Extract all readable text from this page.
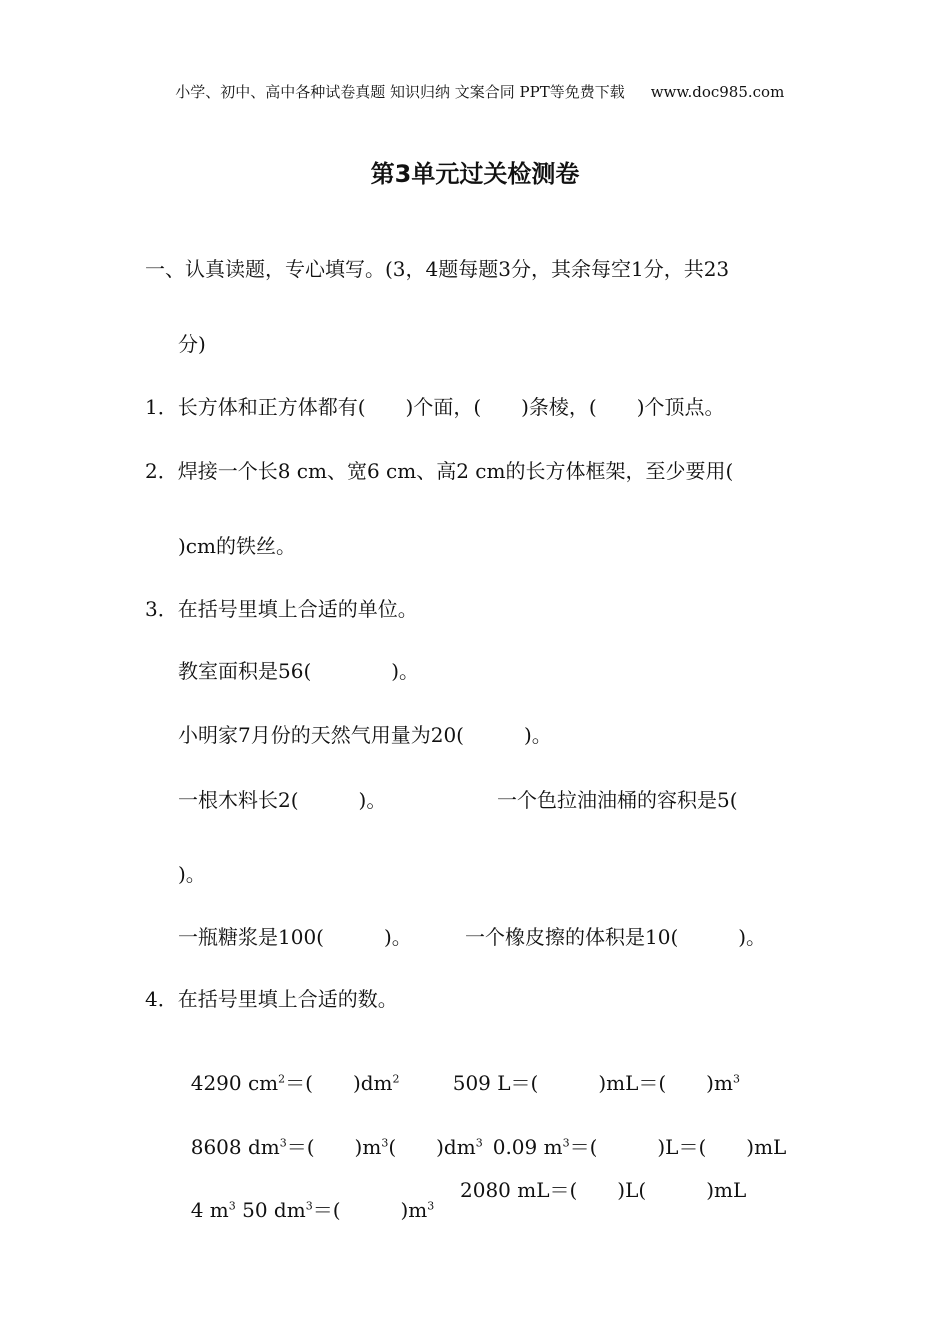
小学、初中、高中各种试卷真题 知识归纳 文案合同 PPT等免费下载 www.doc985.com

第3单元过关检测卷
一、认真读题，专心填写。(3，4题每题3分，其余每空1分，共23
分)
1．长方体和正方体都有(　　)个面，(　　)条棱，(　　)个顶点。
2．焊接一个长8 cm、宽6 cm、高2 cm的长方体框架，至少要用(
)cm的铁丝。
3．在括号里填上合适的单位。
教室面积是56(　　　　)。
小明家7月份的天然气用量为20(　　　)。
一根木料长2(　　　)。	一个色拉油油桶的容积是5(
)。
一瓶糖浆是100(　　　)。	一个橡皮擦的体积是10(　　　)。
4．在括号里填上合适的数。

4290 $cm^2=$(　　)$dm^2$	509 L＝(　　　)mL＝(　　)$m^3$

8608 $dm^3=$(　　)$m^3$(　　)$dm^3$ 0.09 $m^3=$(　　　)L＝(　　)mL

4 $m^3$ 50 $dm^3=$(　　　)$m^3$

2080 mL＝(　　)L(　　　)mL
